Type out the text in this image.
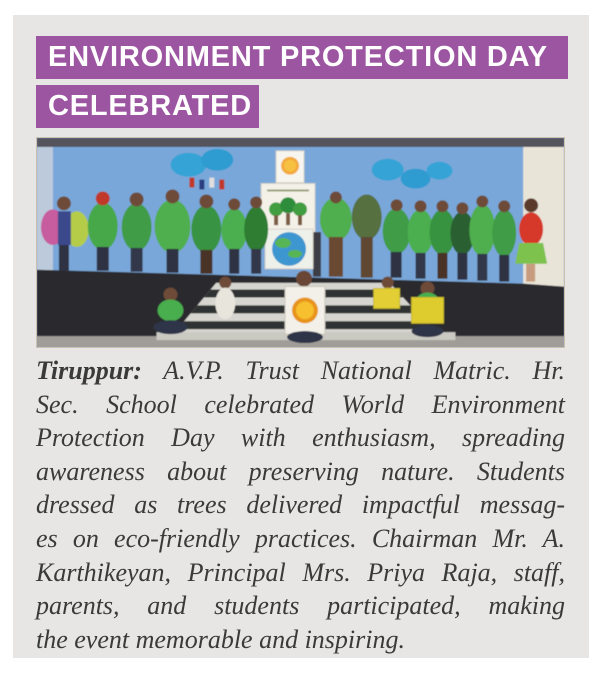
ENVIRONMENT PROTECTION DAY
CELEBRATED
Tiruppur: A.V.P. Trust National Matric. Hr.
Sec. School celebrated World Environment
Protection Day with enthusiasm, spreading
awareness about preserving nature. Students
dressed as trees delivered impactful messag-
es on eco-friendly practices. Chairman Mr. A.
Karthikeyan, Principal Mrs. Priya Raja, staff,
parents, and students participated, making
the event memorable and inspiring.
